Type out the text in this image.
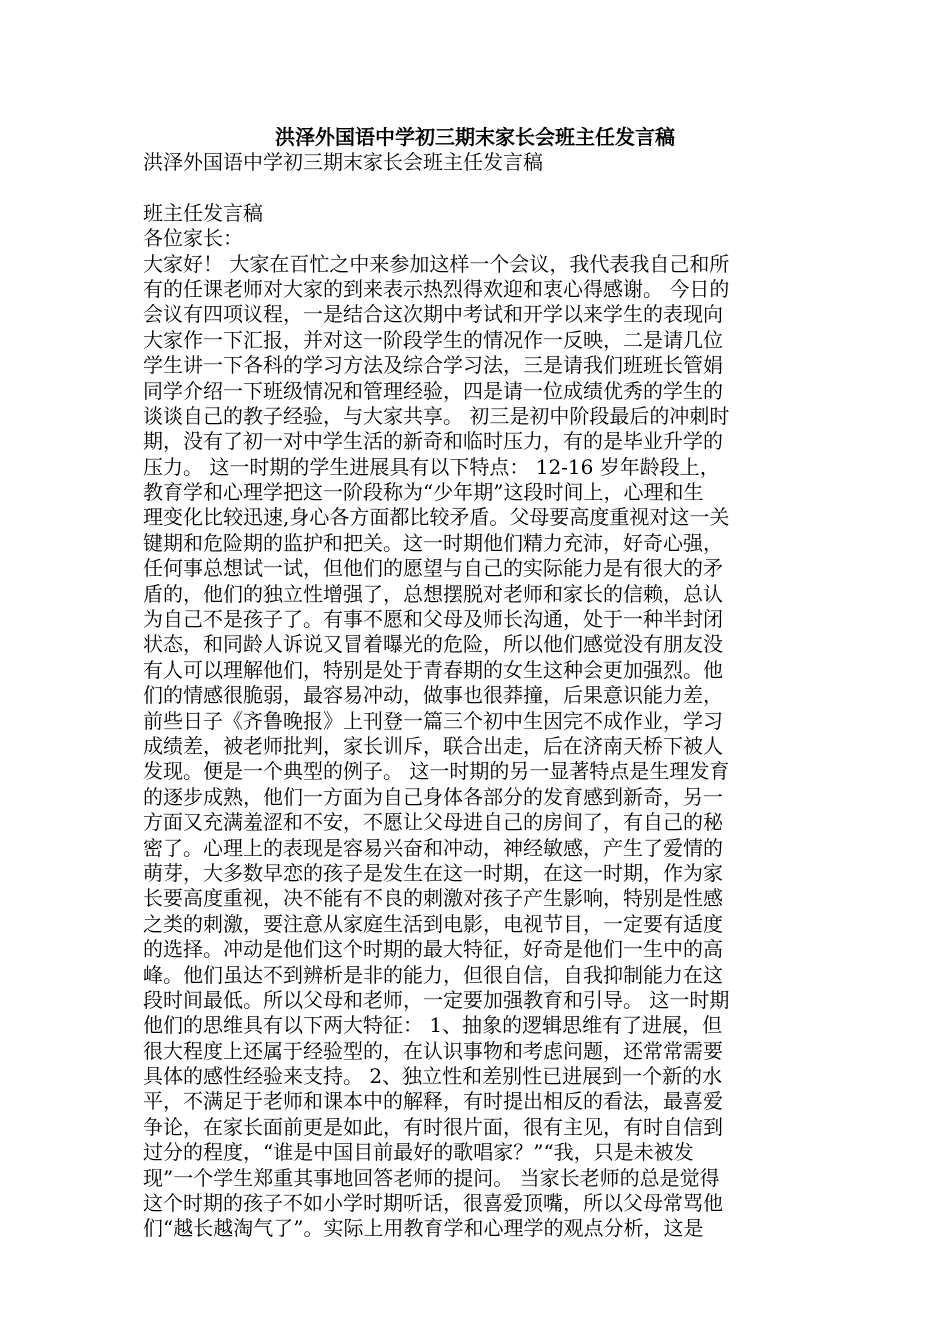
洪泽外国语中学初三期末家长会班主任发言稿
洪泽外国语中学初三期末家长会班主任发言稿
班主任发言稿
各位家长：
大家好！ 大家在百忙之中来参加这样一个会议，我代表我自己和所
有的任课老师对大家的到来表示热烈得欢迎和衷心得感谢。 今日的
会议有四项议程，一是结合这次期中考试和开学以来学生的表现向
大家作一下汇报，并对这一阶段学生的情况作一反映，二是请几位
学生讲一下各科的学习方法及综合学习法，三是请我们班班长管娟
同学介绍一下班级情况和管理经验，四是请一位成绩优秀的学生的
谈谈自己的教子经验，与大家共享。 初三是初中阶段最后的冲刺时
期，没有了初一对中学生活的新奇和临时压力，有的是毕业升学的
压力。 这一时期的学生进展具有以下特点： 12-16 岁年龄段上，
教育学和心理学把这一阶段称为“少年期”这段时间上，心理和生
理变化比较迅速,身心各方面都比较矛盾。父母要高度重视对这一关
键期和危险期的监护和把关。这一时期他们精力充沛，好奇心强，
任何事总想试一试，但他们的愿望与自己的实际能力是有很大的矛
盾的，他们的独立性增强了，总想摆脱对老师和家长的信赖，总认
为自己不是孩子了。有事不愿和父母及师长沟通，处于一种半封闭
状态，和同龄人诉说又冒着曝光的危险，所以他们感觉没有朋友没
有人可以理解他们，特别是处于青春期的女生这种会更加强烈。他
们的情感很脆弱，最容易冲动，做事也很莽撞，后果意识能力差，
前些日子《齐鲁晚报》上刊登一篇三个初中生因完不成作业，学习
成绩差，被老师批判，家长训斥，联合出走，后在济南天桥下被人
发现。便是一个典型的例子。 这一时期的另一显著特点是生理发育
的逐步成熟，他们一方面为自己身体各部分的发育感到新奇，另一
方面又充满羞涩和不安，不愿让父母进自己的房间了，有自己的秘
密了。心理上的表现是容易兴奋和冲动，神经敏感，产生了爱情的
萌芽，大多数早恋的孩子是发生在这一时期，在这一时期，作为家
长要高度重视，决不能有不良的刺激对孩子产生影响，特别是性感
之类的刺激，要注意从家庭生活到电影，电视节目，一定要有适度
的选择。冲动是他们这个时期的最大特征，好奇是他们一生中的高
峰。他们虽达不到辨析是非的能力，但很自信，自我抑制能力在这
段时间最低。所以父母和老师，一定要加强教育和引导。 这一时期
他们的思维具有以下两大特征： 1、抽象的逻辑思维有了进展，但
很大程度上还属于经验型的，在认识事物和考虑问题，还常常需要
具体的感性经验来支持。 2、独立性和差别性已进展到一个新的水
平，不满足于老师和课本中的解释，有时提出相反的看法，最喜爱
争论，在家长面前更是如此，有时很片面，很有主见，有时自信到
过分的程度，“谁是中国目前最好的歌唱家？”“我，只是未被发
现”一个学生郑重其事地回答老师的提问。 当家长老师的总是觉得
这个时期的孩子不如小学时期听话，很喜爱顶嘴，所以父母常骂他
们“越长越淘气了”。实际上用教育学和心理学的观点分析，这是
